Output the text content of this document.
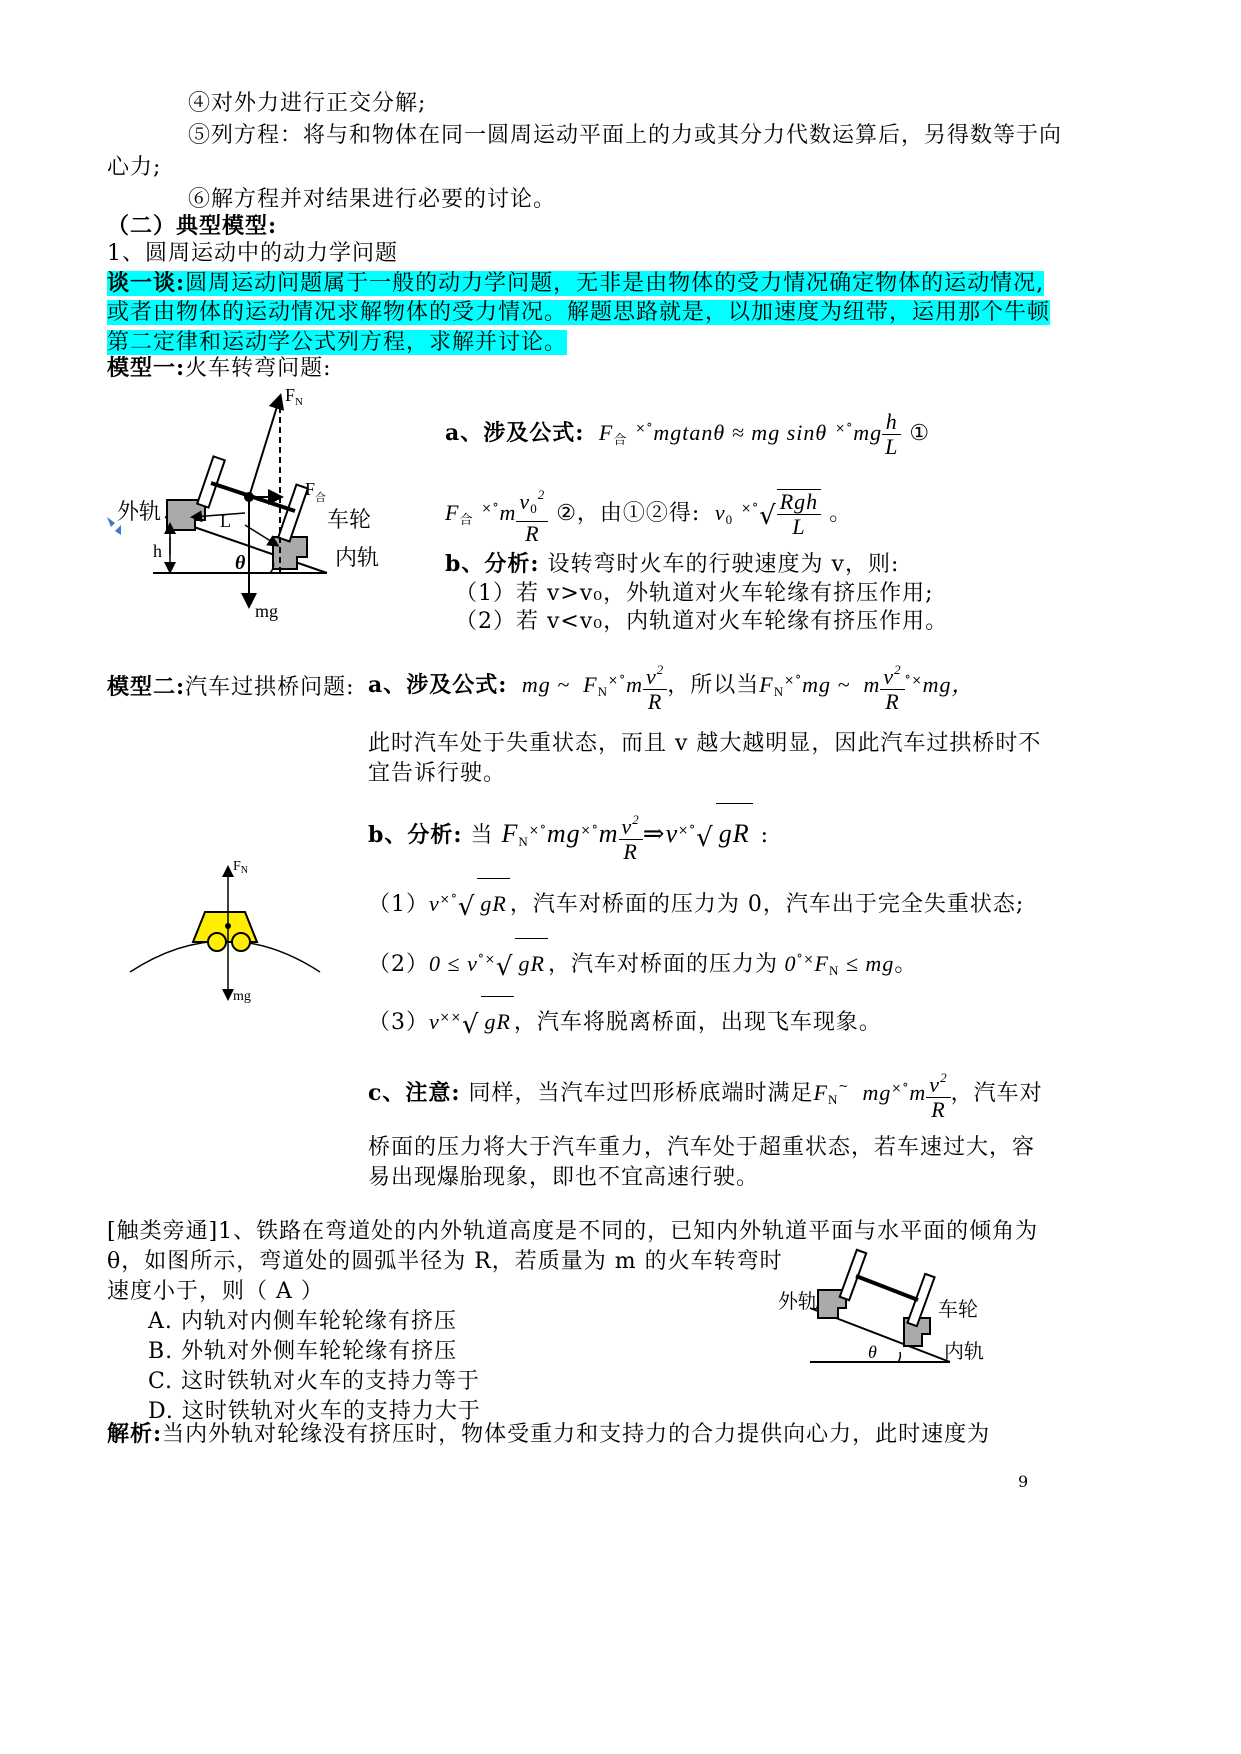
④对外力进行正交分解;
⑤列方程：将与和物体在同一圆周运动平面上的力或其分力代数运算后，另得数等于向
心力;
⑥解方程并对结果进行必要的讨论。
（二）典型模型:
1、圆周运动中的动力学问题
谈一谈:圆周运动问题属于一般的动力学问题，无非是由物体的受力情况确定物体的运动情况,
或者由物体的运动情况求解物体的受力情况。解题思路就是，以加速度为纽带，运用那个牛顿
第二定律和运动学公式列方程，求解并讨论。
模型一:火车转弯问题:
$F_N$
$F_合$
外轨	车轮
内轨
L
h
θ
mg
a、涉及公式: $F_合$ ×°mgtanθ ≈ mg sinθ $^{\times^\circ}mg \frac{h}{L}$ ①
$F_合$ $^{\times^\circ}m \frac{v_0^2}{R}$ ②，由①②得: $v_0$ $^{\times^\circ}√ \frac{\text{Rgh}}{L}$ 。
b、分析: 设转弯时火车的行驶速度为 v，则:
（1）若 v>v₀，外轨道对火车轮缘有挤压作用;
（2）若 v<v₀，内轨道对火车轮缘有挤压作用。
模型二:汽车过拱桥问题: a、涉及公式:  mg ~  $F_N^{\times^\circ}m \frac{v^2}{R}$ ，所以当$F_N^{\times^\circ}mg$ ~  m $\frac{v^2}{R} ^{^\circ\times}mg$，
此时汽车处于失重状态，而且 v 越大越明显，因此汽车过拱桥时不
宜告诉行驶。
b、分析: 当 $F_N^{\times^\circ}mg^{\times^\circ}m \frac{v^2}{R}$ ⇒v×°√ gR :
$F_N$
mg
（1）v×°√ gR ，汽车对桥面的压力为 0，汽车出于完全失重状态;
（2）0 ≤ v°×√ gR ，汽车对桥面的压力为 $0^{^\circ\times}F_N$ ≤ mg。
（3）v××√ gR ，汽车将脱离桥面，出现飞车现象。
c、注意: 同样，当汽车过凹形桥底端时满足$F_N^\sim$  $mg^{\times^\circ}m \frac{v^2}{R}$ ，汽车对
桥面的压力将大于汽车重力，汽车处于超重状态，若车速过大，容
易出现爆胎现象，即也不宜高速行驶。
[触类旁通]1、铁路在弯道处的内外轨道高度是不同的，已知内外轨道平面与水平面的倾角为
θ，如图所示，弯道处的圆弧半径为 R，若质量为 m 的火车转弯时
速度小于，则（ A ）
A. 内轨对内侧车轮轮缘有挤压
B. 外轨对外侧车轮轮缘有挤压
C. 这时铁轨对火车的支持力等于
D. 这时铁轨对火车的支持力大于
外轨	车轮
内轨
θ
解析:当内外轨对轮缘没有挤压时，物体受重力和支持力的合力提供向心力，此时速度为
9
